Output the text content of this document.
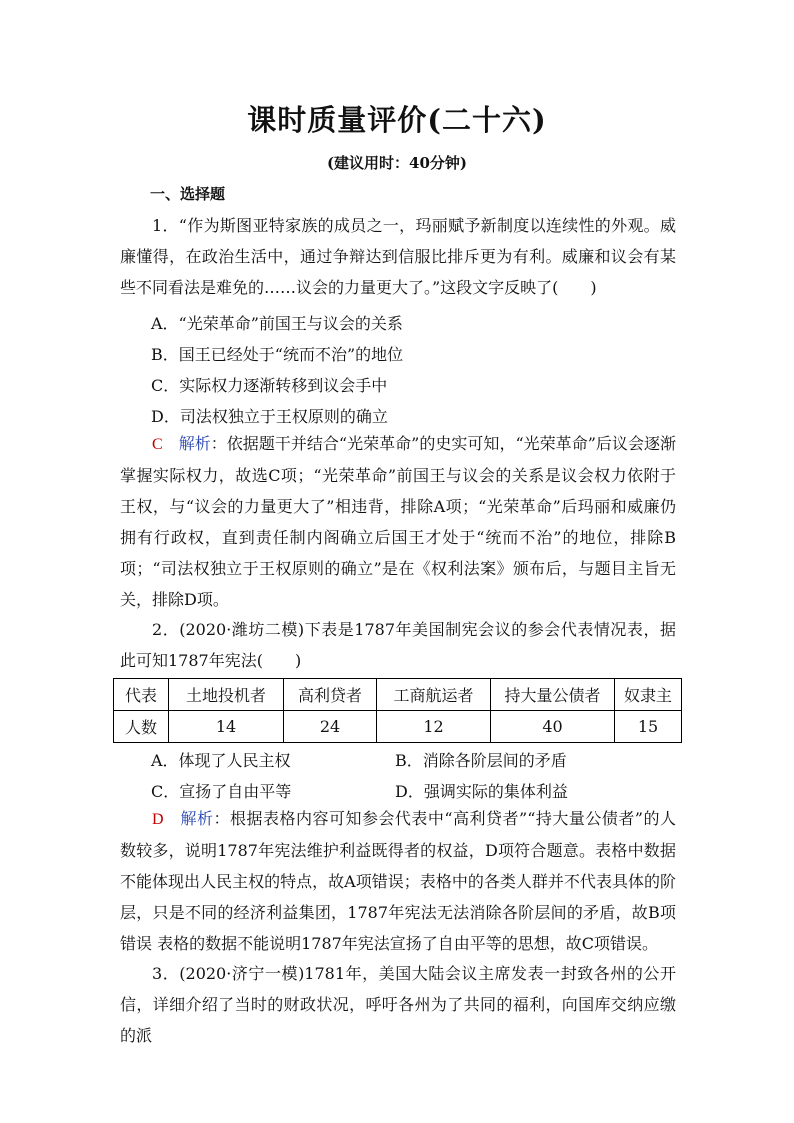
课时质量评价(二十六)
(建议用时：40分钟)
一、选择题

1．“作为斯图亚特家族的成员之一，玛丽赋予新制度以连续性的外观。威廉懂得，在政治生活中，通过争辩达到信服比排斥更为有利。威廉和议会有某些不同看法是难免的……议会的力量更大了。”这段文字反映了(　　)

A．“光荣革命”前国王与议会的关系
B．国王已经处于“统而不治”的地位
C．实际权力逐渐转移到议会手中
D．司法权独立于王权原则的确立

C　 解析：依据题干并结合“光荣革命”的史实可知，“光荣革命”后议会逐渐掌握实际权力，故选C项；“光荣革命”前国王与议会的关系是议会权力依附于王权，与“议会的力量更大了”相违背，排除A项；“光荣革命”后玛丽和威廉仍拥有行政权，直到责任制内阁确立后国王才处于“统而不治”的地位，排除B项；“司法权独立于王权原则的确立”是在《权利法案》颁布后，与题目主旨无关，排除D项。

2．(2020·潍坊二模)下表是1787年美国制宪会议的参会代表情况表，据此可知1787年宪法(　　)

代表	土地投机者	高利贷者	工商航运者	持大量公债者	奴隶主
人数	14	24	12	40	15
A．体现了人民主权	B．消除各阶层间的矛盾
C．宣扬了自由平等	D．强调实际的集体利益

D　 解析：根据表格内容可知参会代表中“高利贷者”“持大量公债者”的人数较多，说明1787年宪法维护利益既得者的权益，D项符合题意。表格中数据不能体现出人民主权的特点，故A项错误；表格中的各类人群并不代表具体的阶层，只是不同的经济利益集团，1787年宪法无法消除各阶层间的矛盾，故B项错误 表格的数据不能说明1787年宪法宣扬了自由平等的思想，故C项错误。

3．(2020·济宁一模)1781年，美国大陆会议主席发表一封致各州的公开信，详细介绍了当时的财政状况，呼吁各州为了共同的福利，向国库交纳应缴的派
